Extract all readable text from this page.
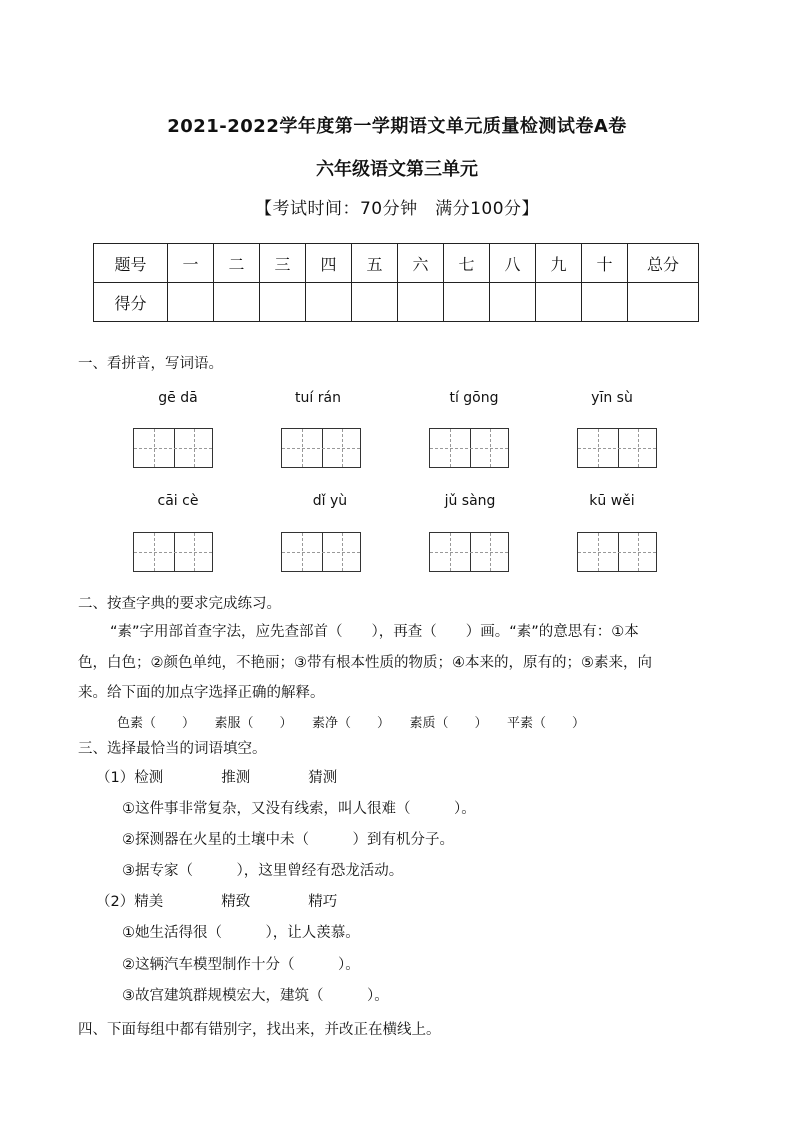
2021-2022学年度第一学期语文单元质量检测试卷A卷
六年级语文第三单元
【考试时间：70分钟　满分100分】
题号	一	二	三	四	五	六	七	八	九	十	总分
得分											
一、看拼音，写词语。
gē dā	tuí rán	tí gōng	yīn sù
cāi cè	dǐ yù	jǔ sàng	kū wěi
二、按查字典的要求完成练习。
“素”字用部首查字法，应先查部首（　　），再查（　　）画。“素”的意思有：①本
色，白色；②颜色单纯，不艳丽；③带有根本性质的物质；④本来的，原有的；⑤素来，向
来。给下面的加点字选择正确的解释。
色素（　　）　　素服（　　）　　素净（　　）　　素质（　　）　　平素（　　）
三、选择最恰当的词语填空。
（1）检测　　　　推测　　　　猜测
①这件事非常复杂，又没有线索，叫人很难（　　　）。
②探测器在火星的土壤中未（　　　）到有机分子。
③据专家（　　　），这里曾经有恐龙活动。
（2）精美　　　　精致　　　　精巧
①她生活得很（　　　），让人羡慕。
②这辆汽车模型制作十分（　　　）。
③故宫建筑群规模宏大，建筑（　　　）。
四、下面每组中都有错别字，找出来，并改正在横线上。
